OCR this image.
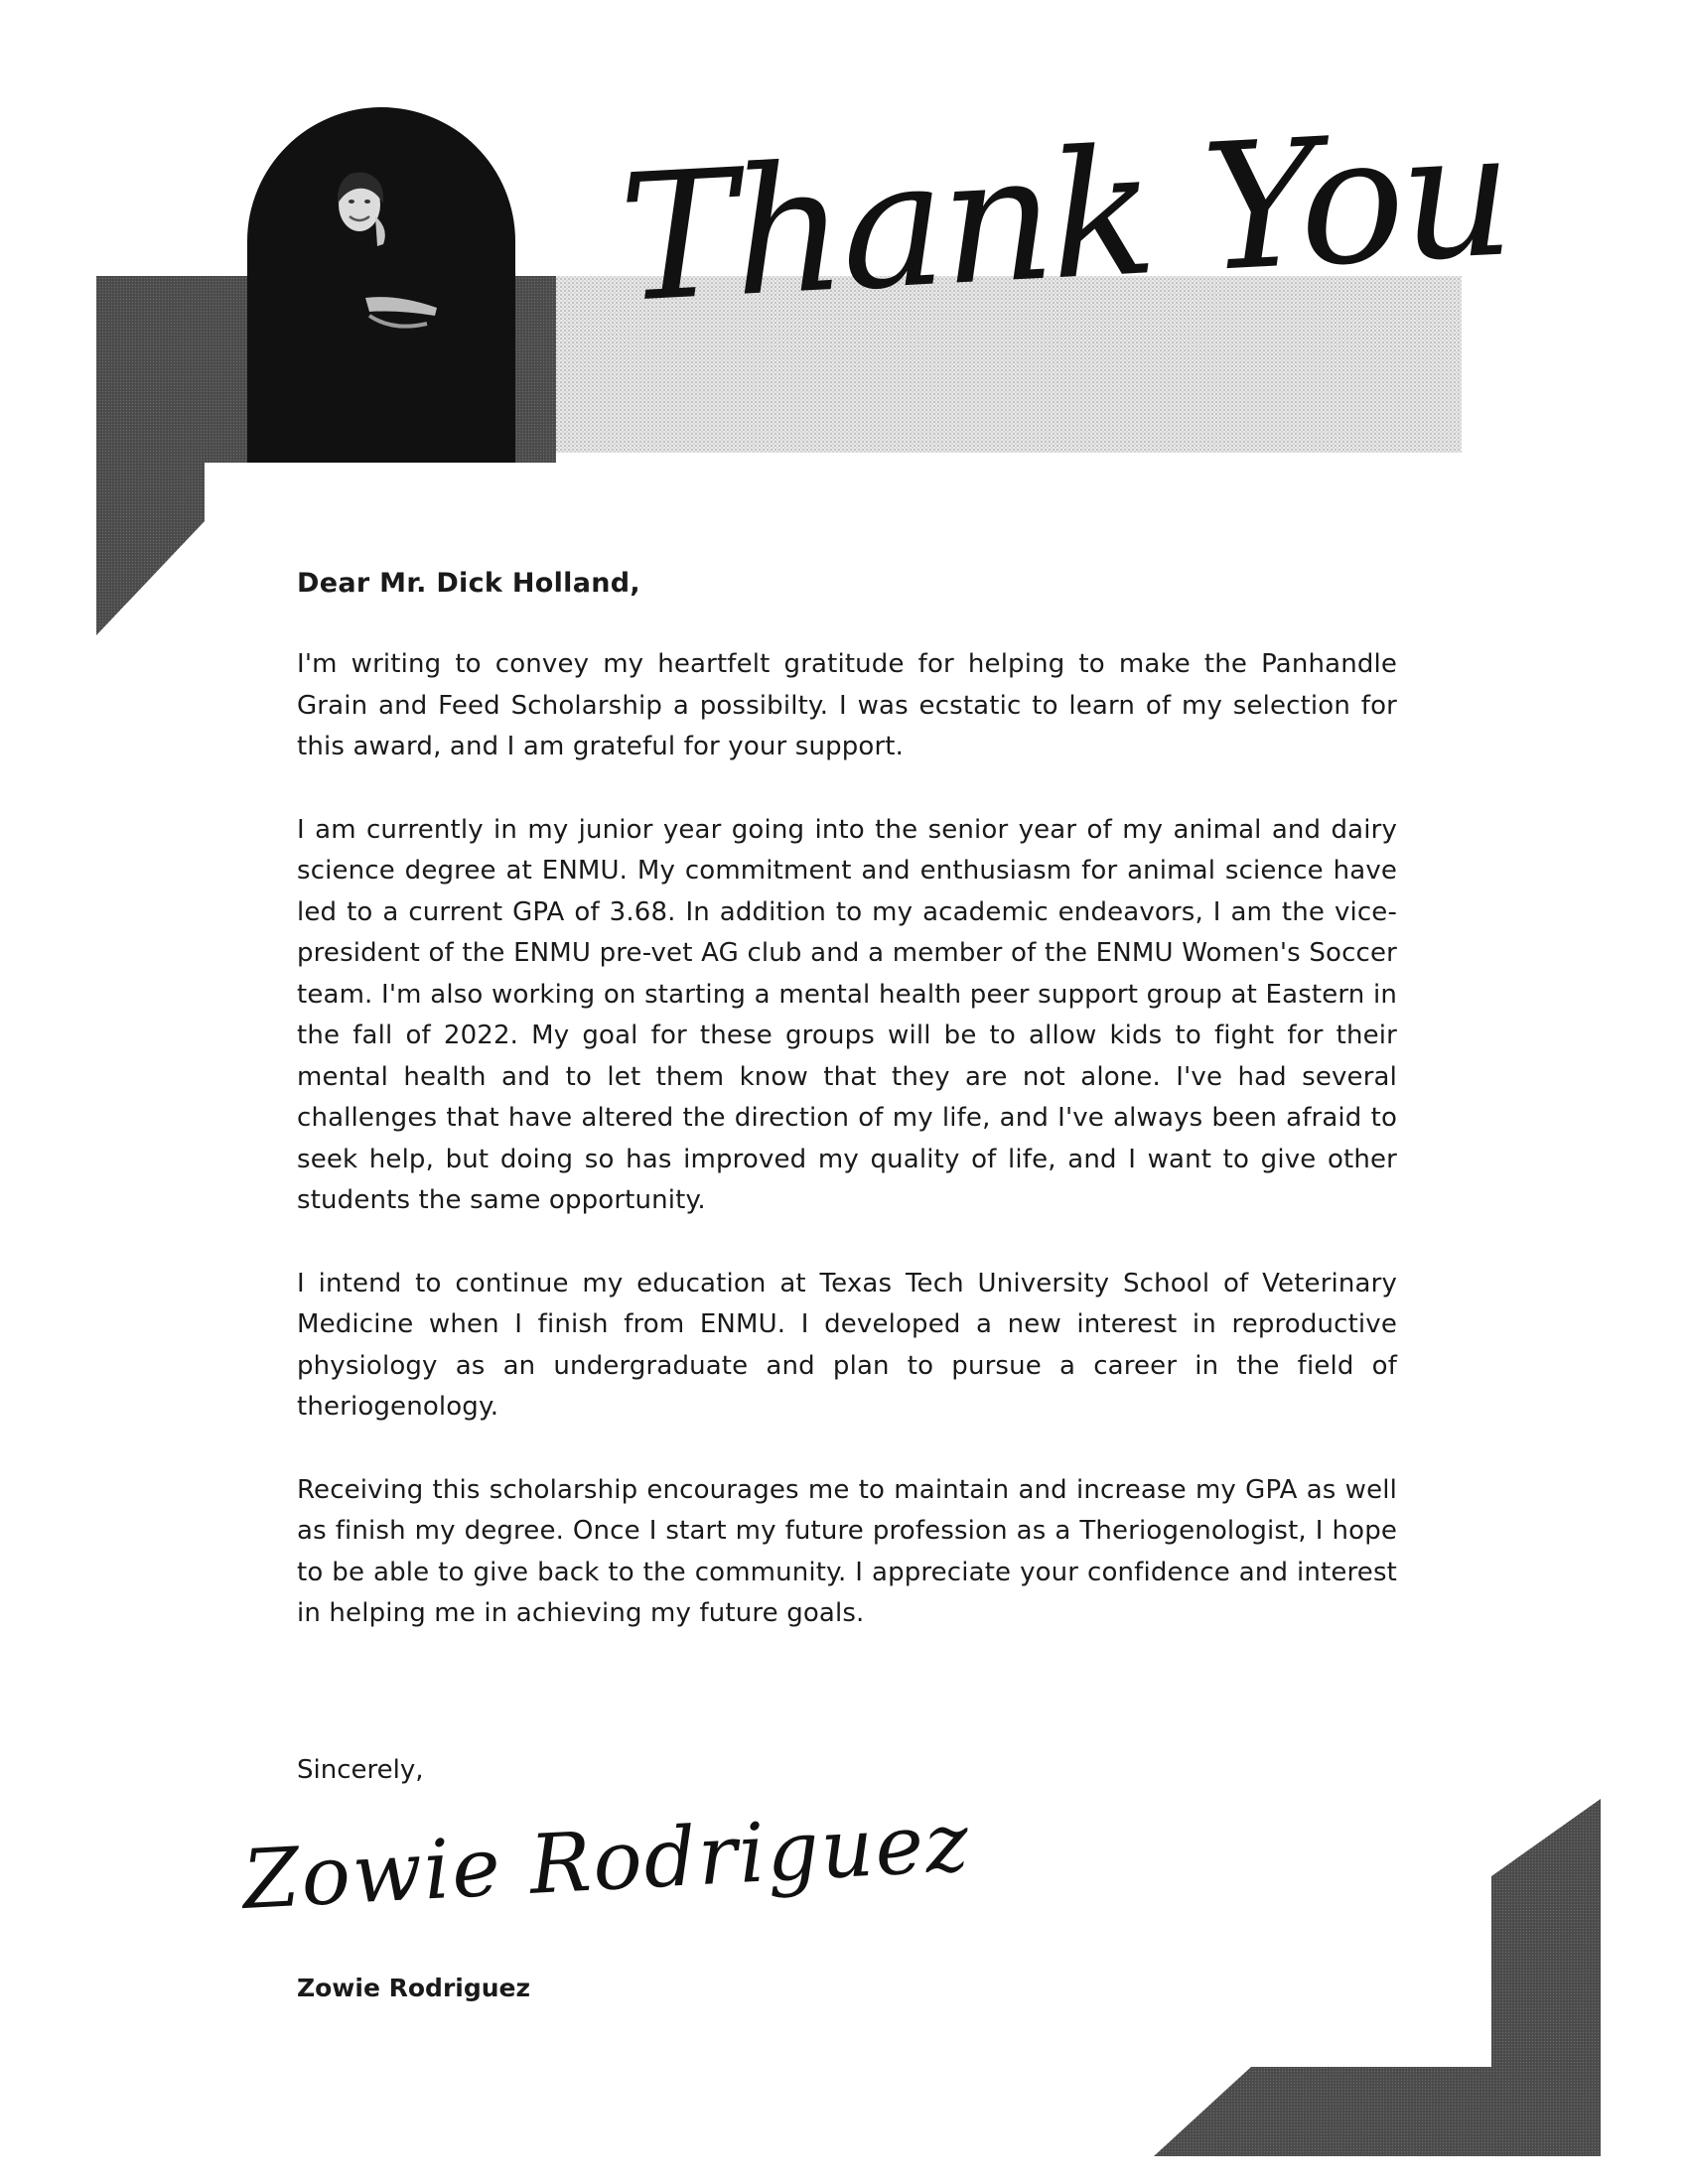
Thank You
Zowie Rodriguez

Dear Mr. Dick Holland,

I'm writing to convey my heartfelt gratitude for helping to make the Panhandle Grain and Feed Scholarship a possibilty. I was ecstatic to learn of my selection for this award, and I am grateful for your support.

I am currently in my junior year going into the senior year of my animal and dairy science degree at ENMU. My commitment and enthusiasm for animal science have led to a current GPA of 3.68. In addition to my academic endeavors, I am the vice-president of the ENMU pre-vet AG club and a member of the ENMU Women's Soccer team. I'm also working on starting a mental health peer support group at Eastern in the fall of 2022. My goal for these groups will be to allow kids to fight for their mental health and to let them know that they are not alone. I've had several challenges that have altered the direction of my life, and I've always been afraid to seek help, but doing so has improved my quality of life, and I want to give other students the same opportunity.

I intend to continue my education at Texas Tech University School of Veterinary Medicine when I finish from ENMU. I developed a new interest in reproductive physiology as an undergraduate and plan to pursue a career in the field of theriogenology.

Receiving this scholarship encourages me to maintain and increase my GPA as well as finish my degree. Once I start my future profession as a Theriogenologist, I hope to be able to give back to the community. I appreciate your confidence and interest in helping me in achieving my future goals.

Sincerely,
Zowie Rodriguez
